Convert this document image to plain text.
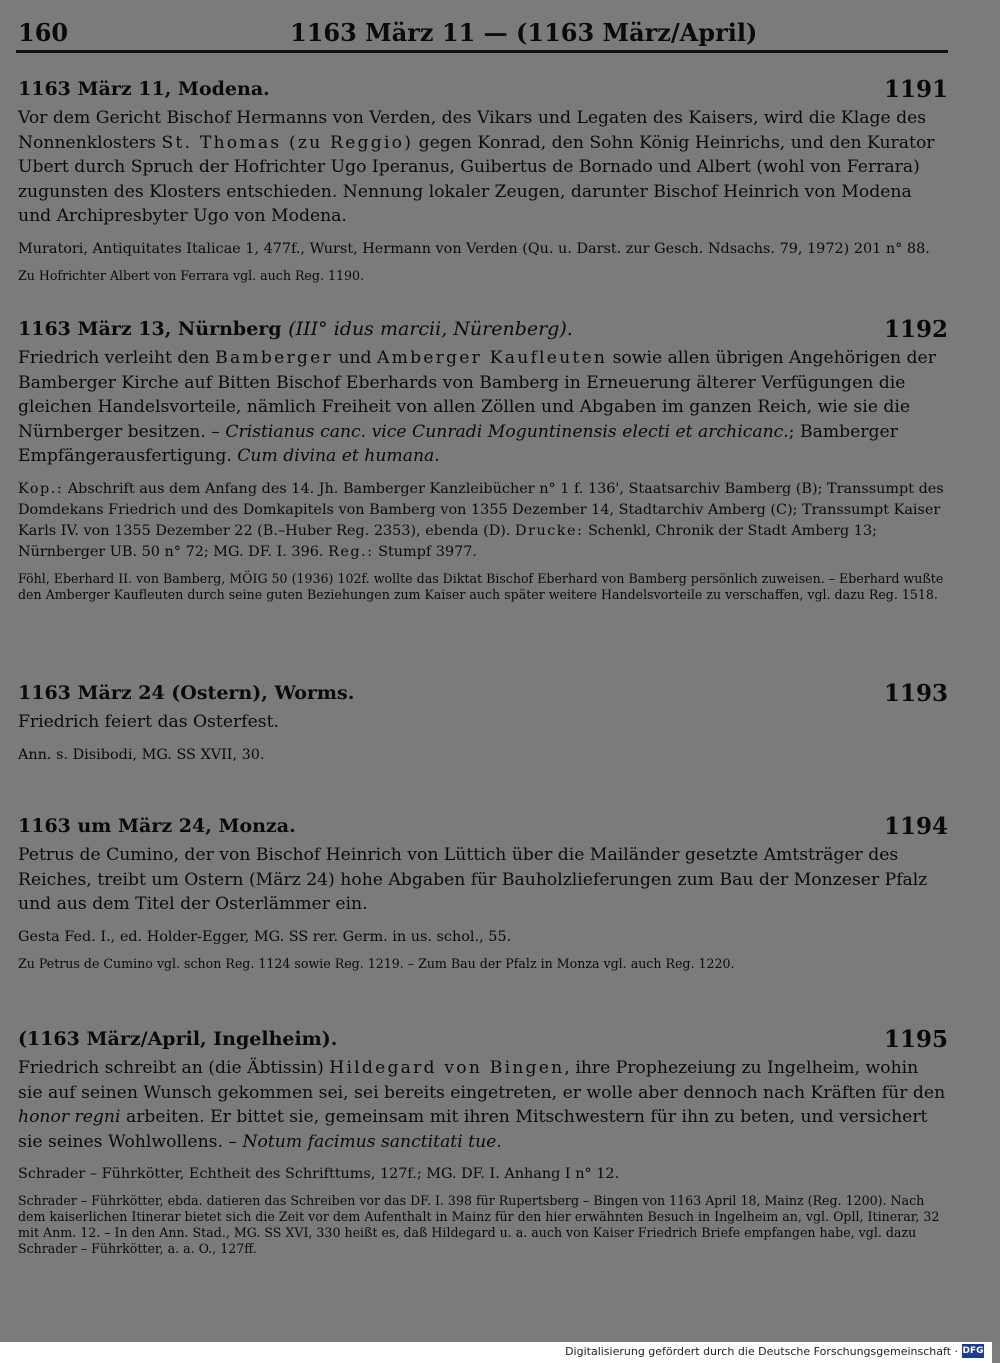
160	1163 März 11 — (1163 März/April)
1163 März 11, Modena.	1191

Vor dem Gericht Bischof Hermanns von Verden, des Vikars und Legaten des Kaisers, wird die Klage des Nonnenklosters St. Thomas (zu Reggio) gegen Konrad, den Sohn König Heinrichs, und den Kurator Ubert durch Spruch der Hofrichter Ugo Iperanus, Guibertus de Bornado und Albert (wohl von Ferrara) zugunsten des Klosters entschieden. Nennung lokaler Zeugen, darunter Bischof Heinrich von Modena und Archipresbyter Ugo von Modena.

Muratori, Antiquitates Italicae 1, 477f., Wurst, Hermann von Verden (Qu. u. Darst. zur Gesch. Ndsachs. 79, 1972) 201 n° 88.

Zu Hofrichter Albert von Ferrara vgl. auch Reg. 1190.

1163 März 13, Nürnberg (III° idus marcii, Nürenberg).	1192

Friedrich verleiht den Bamberger und Amberger Kaufleuten sowie allen übrigen Angehörigen der Bamberger Kirche auf Bitten Bischof Eberhards von Bamberg in Erneuerung älterer Verfügungen die gleichen Handelsvorteile, nämlich Freiheit von allen Zöllen und Abgaben im ganzen Reich, wie sie die Nürnberger besitzen. – Cristianus canc. vice Cunradi Moguntinensis electi et archicanc.; Bamberger Empfängerausfertigung. Cum divina et humana.

Kop.: Abschrift aus dem Anfang des 14. Jh. Bamberger Kanzleibücher n° 1 f. 136', Staatsarchiv Bamberg (B); Transsumpt des Domdekans Friedrich und des Domkapitels von Bamberg von 1355 Dezember 14, Stadtarchiv Amberg (C); Transsumpt Kaiser Karls IV. von 1355 Dezember 22 (B.–Huber Reg. 2353), ebenda (D). Drucke: Schenkl, Chronik der Stadt Amberg 13; Nürnberger UB. 50 n° 72; MG. DF. I. 396. Reg.: Stumpf 3977.

Föhl, Eberhard II. von Bamberg, MÖIG 50 (1936) 102f. wollte das Diktat Bischof Eberhard von Bamberg persönlich zuweisen. – Eberhard wußte den Amberger Kaufleuten durch seine guten Beziehungen zum Kaiser auch später weitere Handelsvorteile zu verschaffen, vgl. dazu Reg. 1518.

1163 März 24 (Ostern), Worms.	1193

Friedrich feiert das Osterfest.

Ann. s. Disibodi, MG. SS XVII, 30.

1163 um März 24, Monza.	1194

Petrus de Cumino, der von Bischof Heinrich von Lüttich über die Mailänder gesetzte Amtsträger des Reiches, treibt um Ostern (März 24) hohe Abgaben für Bauholzlieferungen zum Bau der Monzeser Pfalz und aus dem Titel der Osterlämmer ein.

Gesta Fed. I., ed. Holder-Egger, MG. SS rer. Germ. in us. schol., 55.

Zu Petrus de Cumino vgl. schon Reg. 1124 sowie Reg. 1219. – Zum Bau der Pfalz in Monza vgl. auch Reg. 1220.

(1163 März/April, Ingelheim).	1195

Friedrich schreibt an (die Äbtissin) Hildegard von Bingen, ihre Prophezeiung zu Ingelheim, wohin sie auf seinen Wunsch gekommen sei, sei bereits eingetreten, er wolle aber dennoch nach Kräften für den honor regni arbeiten. Er bittet sie, gemeinsam mit ihren Mitschwestern für ihn zu beten, und versichert sie seines Wohlwollens. – Notum facimus sanctitati tue.

Schrader – Führkötter, Echtheit des Schrifttums, 127f.; MG. DF. I. Anhang I n° 12.

Schrader – Führkötter, ebda. datieren das Schreiben vor das DF. I. 398 für Rupertsberg – Bingen von 1163 April 18, Mainz (Reg. 1200). Nach dem kaiserlichen Itinerar bietet sich die Zeit vor dem Aufenthalt in Mainz für den hier erwähnten Besuch in Ingelheim an, vgl. Opll, Itinerar, 32 mit Anm. 12. – In den Ann. Stad., MG. SS XVI, 330 heißt es, daß Hildegard u. a. auch von Kaiser Friedrich Briefe empfangen habe, vgl. dazu Schrader – Führkötter, a. a. O., 127ff.

Digitalisierung gefördert durch die Deutsche Forschungsgemeinschaft · DFG
